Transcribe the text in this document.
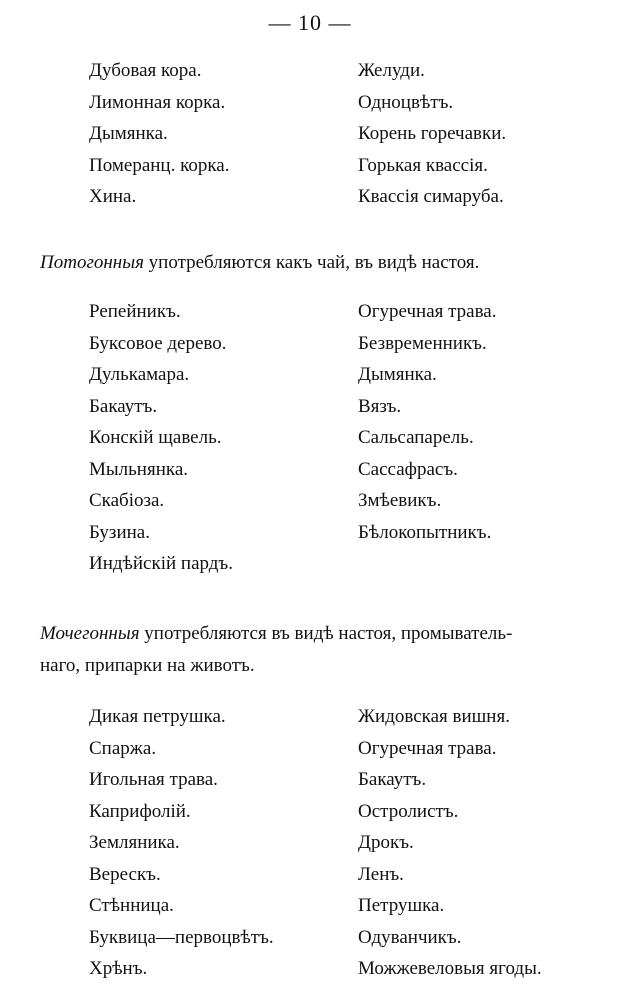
— 10 —
Дубовая кора.
Лимонная корка.
Дымянка.
Померанц. корка.
Хина.
Желуди.
Одноцвѣтъ.
Корень горечавки.
Горькая квассія.
Квассія симаруба.
Потогонныя употребляются какъ чай, въ видѣ настоя.
Репейникъ.
Буксовое дерево.
Дулькамара.
Бакаутъ.
Конскій щавель.
Мыльнянка.
Скабіоза.
Бузина.
Индѣйскій пардъ.
Огуречная трава.
Безвременникъ.
Дымянка.
Вязъ.
Сальсапарель.
Сассафрасъ.
Змѣевикъ.
Бѣлокопытникъ.
Мочегонныя употребляются въ видѣ настоя, промыватель-
наго, припарки на животъ.
Дикая петрушка.
Спаржа.
Игольная трава.
Каприфолій.
Земляника.
Верескъ.
Стѣнница.
Буквица—первоцвѣтъ.
Хрѣнъ.
Жидовская вишня.
Огуречная трава.
Бакаутъ.
Остролистъ.
Дрокъ.
Ленъ.
Петрушка.
Одуванчикъ.
Можжевеловыя ягоды.
